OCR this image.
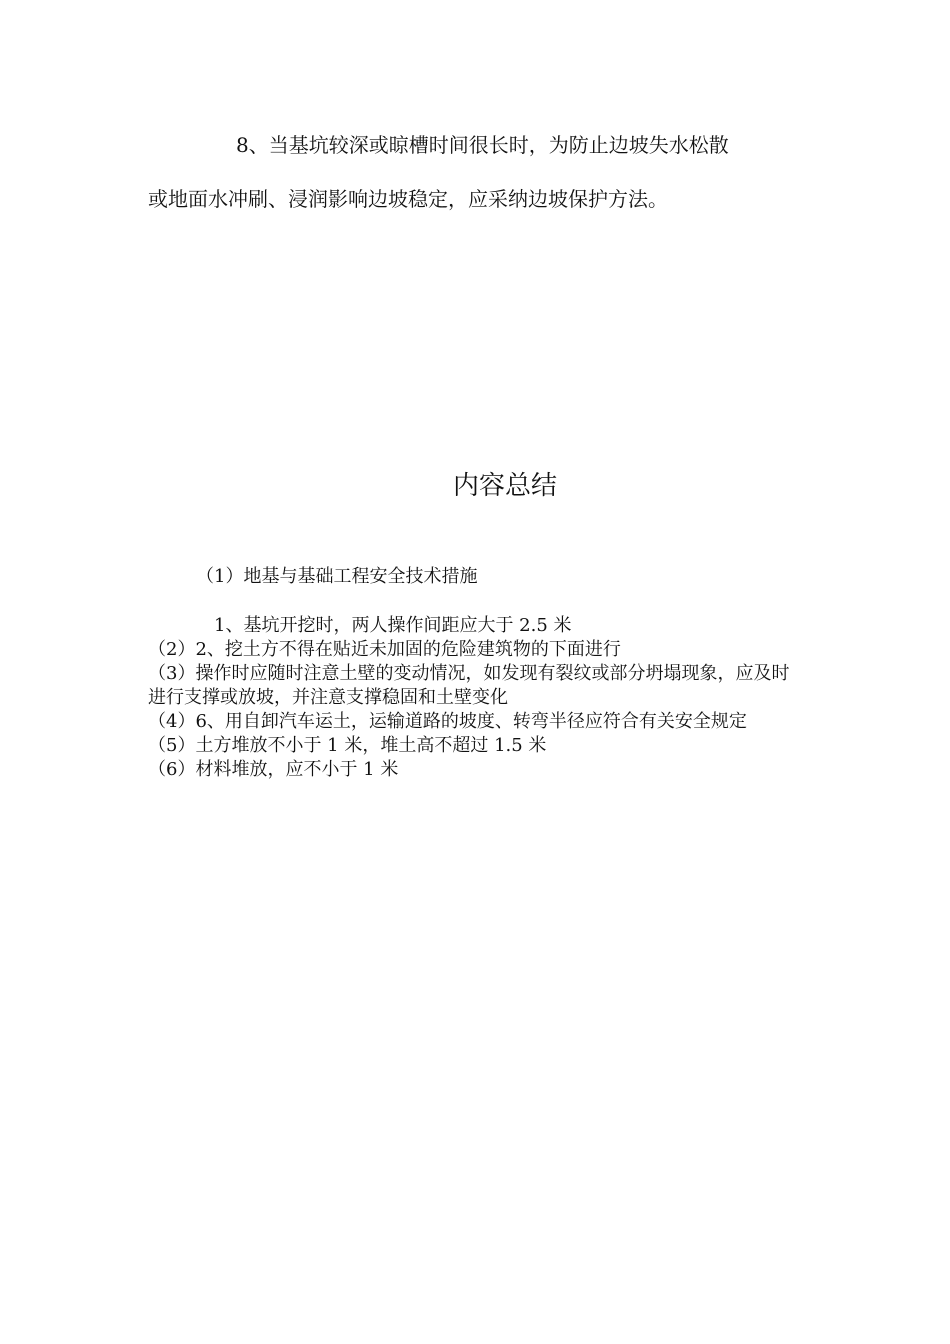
8、当基坑较深或晾槽时间很长时，为防止边坡失水松散
或地面水冲刷、浸润影响边坡稳定，应采纳边坡保护方法。
内容总结
（1）地基与基础工程安全技术措施
1、基坑开挖时，两人操作间距应大于 2.5 米
（2）2、挖土方不得在贴近未加固的危险建筑物的下面进行
（3）操作时应随时注意土壁的变动情况，如发现有裂纹或部分坍塌现象，应及时进行支撑或放坡，并注意支撑稳固和土壁变化
（4）6、用自卸汽车运土，运输道路的坡度、转弯半径应符合有关安全规定
（5）土方堆放不小于 1 米，堆土高不超过 1.5 米
（6）材料堆放，应不小于 1 米
